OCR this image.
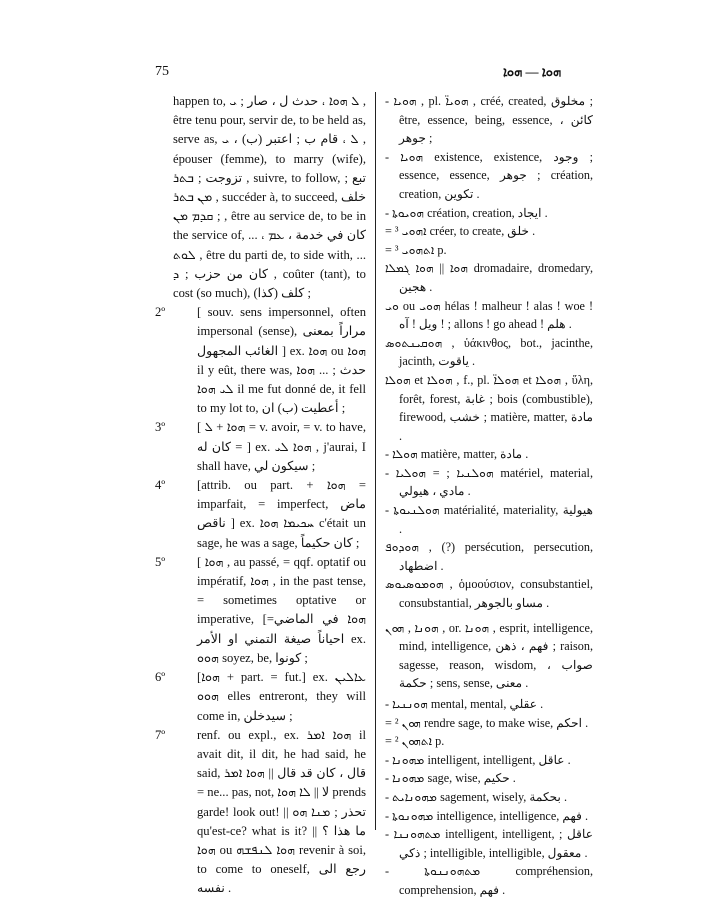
75	ܗܘܐ — ܗܘܐ

happen to, ܠ ܗܘܐ ، حدث ل ، صار ; ܝ , être tenu pour, servir de, to be held as, serve as, ܠ ، قام ب ; اعتبر (ب) ، ܝ , épouser (femme), to marry (wife), تزوجت ; ܒܬܪ , suivre, to follow, تبع ; ܡܢ ܒܬܪ , succéder à, to succeed, خلف ; ܩܕܡ ܡܢ , être au service de, to be in the service of, ... كان في خدمة ، ܥܡ ، ܠܘܬ , être du parti de, to side with, ... كان من حزب ; ܕ , coûter (tant), to cost (so much), كلف (كذا) ;

2º	[ souv. sens impersonnel, often impersonal (sense), مراراً بمعنى الغائب المجهول ] ex. ܗܘܐ ou ܗܘܐ il y eût, there was, حدث ; ... ܗܘܐ ܠܝ ܗܘܐ il me fut donné de, it fell to my lot to, أعطيت (ب) ان ;

3º	[ ܗܘܐ + ܠ = v. avoir, = v. to have, كان له = ] ex. ܗܘܐ ܠܝ , j'aurai, I shall have, سيكون لي ;

4º	[attrib. ou part. + ܗܘܐ = imparfait, = imperfect, ماض ناقص ] ex. ܚܟܝܡܐ ܗܘܐ c'était un sage, he was a sage, كان حكيماً ;

5º	[ ܗܘܐ , au passé, = qqf. optatif ou impératif, ܗܘܐ , in the past tense, = sometimes optative or imperative, [ܗܘܐ في الماضي= احياناً صيغة التمني او الأمر ex. ܗܘܘ soyez, be, كونوا ;

6º	[ܗܘܐ + part. = fut.] ex. ܥܐܠܝܢ ܗܘܘ elles entreront, they will come in, سيدخلن ;

7º	renf. ou expl., ex. ܗܘܐ ܐܡܪ il avait dit, il dit, he had said, he said, قال ، كان قد قال || ܗܘܐ ܐܡܪ = ne... pas, not, لا || ܠܐ ܗܘܐ prends garde! look out! || تحذر ; ܡܢܐ ܗܘ qu'est-ce? what is it? ما هذا ؟ || ܗܘܐ ou ܗܘܐ ܠܢܦܫܗ revenir à soi, to come to oneself, رجع الى نفسه .

- ܗܘܝܐ , pl. ܗܘܝܐ̈ , créé, created, مخلوق ; être, essence, being, essence, كائن ، جوهر ;

- ܗܘܝܐ existence, existence, وجود ; essence, essence, جوهر ; création, creation, تكوين .

- ܗܘܝܘܬܐ création, creation, ايجاد .

= ³ ܐܗܘܝ créer, to create, خلق .

= ³ ܐܬܗܘܝ p.

ܗܘܐ || ܗܘܐ ܓܡܠܐ dromadaire, dromedary, هجين .

ܘܝ ou ܗܘܝ hélas ! malheur ! alas ! woe ! ويل ! آه ! ; allons ! go ahead ! هلم .

ܗܘܩܝܢܬܘܣ , ὑάκινθος, bot., jacinthe, jacinth, ياقوت .

ܗܘܠܐ et ܗܘܠܐ , f., pl. ܗܘܠܐ̈ et ܗܘܠܐ , ὕλη, forêt, forest, غابة ; bois (combustible), firewood, خشب ; matière, matter, مادة .

- ܗܘܠܐ matière, matter, مادة .

- ܗܘܠܢܝܐ ; = ܗܘܠܝܐ matériel, material, مادي ، هيولي .

- ܗܘܠܢܝܘܬܐ matérialité, materiality, هيولية .

ܗܘܕܘܦ , (?) persécution, persecution, اضطهاد .

ܗܘܡܘܣܝܘܣ , ὁμοούσιον, consubstantiel, consubstantial, مساو بالجوهر .

ܗܘܢܐ , ܗܘܢ , or. ܗܘܢܐ , esprit, intelligence, mind, intelligence, فهم ، ذهن ; raison, sagesse, reason, wisdom, صواب ، حكمة ; sens, sense, معنى .

- ܗܘܢܢܝܐ mental, mental, عقلي .

= ² ܗܘܢ rendre sage, to make wise, احكم .

= ² ܐܬܗܘܢ p.

- ܡܗܘܢܐ intelligent, intelligent, عاقل .

- ܡܗܘܢܐ sage, wise, حكيم .

- ܡܗܘܢܐܝܬ sagement, wisely, بحكمة .

- ܡܗܘܢܘܬܐ intelligence, intelligence, فهم .

- ܡܬܗܘܢܢܐ intelligent, intelligent, عاقل ; ذكي ; intelligible, intelligible, معقول .

- ܡܬܗܘܢܢܘܬܐ compréhension, comprehension, فهم .
